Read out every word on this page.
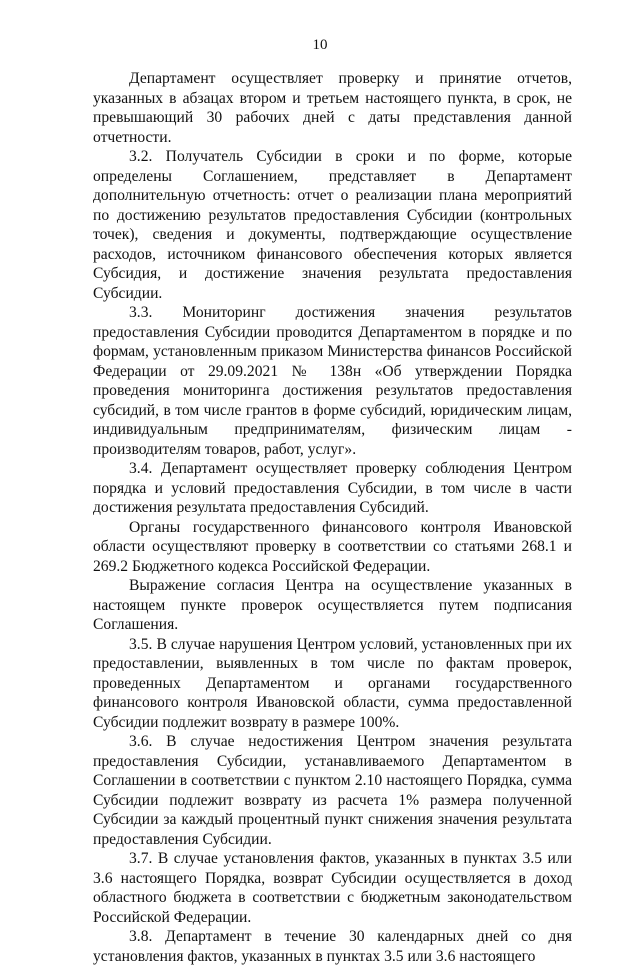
10

Департамент осуществляет проверку и принятие отчетов, указанных в абзацах втором и третьем настоящего пункта, в срок, не превышающий 30 рабочих дней с даты представления данной отчетности.

3.2. Получатель Субсидии в сроки и по форме, которые определены Соглашением, представляет в Департамент дополнительную отчетность: отчет о реализации плана мероприятий по достижению результатов предоставления Субсидии (контрольных точек), сведения и документы, подтверждающие осуществление расходов, источником финансового обеспечения которых является Субсидия, и достижение значения результата предоставления Субсидии.

3.3. Мониторинг достижения значения результатов предоставления Субсидии проводится Департаментом в порядке и по формам, установленным приказом Министерства финансов Российской Федерации от 29.09.2021 № 138н «Об утверждении Порядка проведения мониторинга достижения результатов предоставления субсидий, в том числе грантов в форме субсидий, юридическим лицам, индивидуальным предпринимателям, физическим лицам - производителям товаров, работ, услуг».

3.4. Департамент осуществляет проверку соблюдения Центром порядка и условий предоставления Субсидии, в том числе в части достижения результата предоставления Субсидий.

Органы государственного финансового контроля Ивановской области осуществляют проверку в соответствии со статьями 268.1 и 269.2 Бюджетного кодекса Российской Федерации.

Выражение согласия Центра на осуществление указанных в настоящем пункте проверок осуществляется путем подписания Соглашения.

3.5. В случае нарушения Центром условий, установленных при их предоставлении, выявленных в том числе по фактам проверок, проведенных Департаментом и органами государственного финансового контроля Ивановской области, сумма предоставленной Субсидии подлежит возврату в размере 100%.

3.6. В случае недостижения Центром значения результата предоставления Субсидии, устанавливаемого Департаментом в Соглашении в соответствии с пунктом 2.10 настоящего Порядка, сумма Субсидии подлежит возврату из расчета 1% размера полученной Субсидии за каждый процентный пункт снижения значения результата предоставления Субсидии.

3.7. В случае установления фактов, указанных в пунктах 3.5 или 3.6 настоящего Порядка, возврат Субсидии осуществляется в доход областного бюджета в соответствии с бюджетным законодательством Российской Федерации.

3.8. Департамент в течение 30 календарных дней со дня установления фактов, указанных в пунктах 3.5 или 3.6 настоящего
